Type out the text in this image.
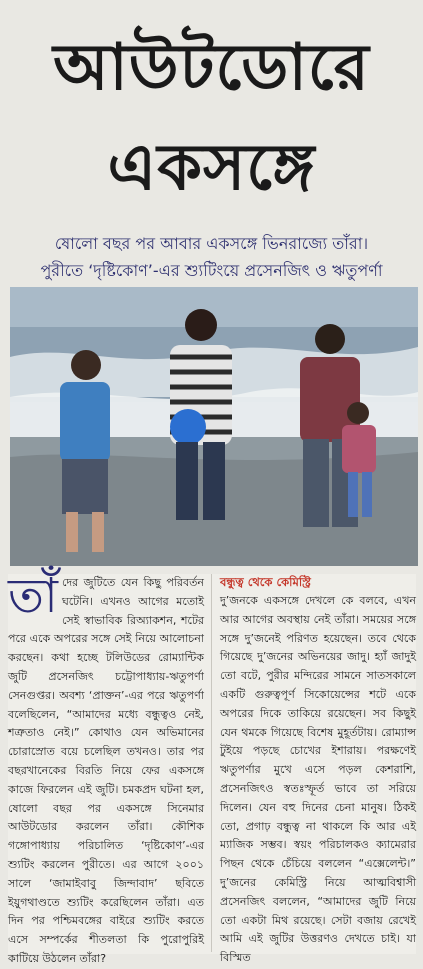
আউটডোরে
একসঙ্গে
ষোলো বছর পর আবার একসঙ্গে ভিনরাজ্যে তাঁরা।
পুরীতে ‘দৃষ্টিকোণ’-এর শ্যুটিংয়ে প্রসেনজিৎ ও ঋতুপর্ণা

তাঁ দের জুটিতে যেন কিছু পরিবর্তন ঘটেনি। এখনও আগের মতোই সেই স্বাভাবিক রিঅ্যাকশন, শটের পরে একে অপরের সঙ্গে সেই নিয়ে আলোচনা করছেন। কথা হচ্ছে টলিউডের রোম্যান্টিক জুটি প্রসেনজিৎ চট্টোপাধ্যায়-ঋতুপর্ণা সেনগুপ্তর। অবশ্য ‘প্রাক্তন’-এর পরে ঋতুপর্ণা বলেছিলেন, “আমাদের মধ্যে বন্ধুত্বও নেই, শত্রুতাও নেই।” কোথাও যেন অভিমানের চোরাস্রোত বয়ে চলেছিল তখনও। তার পর বছরখানেকের বিরতি নিয়ে ফের একসঙ্গে কাজে ফিরলেন এই জুটি। চমকপ্রদ ঘটনা হল, ষোলো বছর পর একসঙ্গে সিনেমার আউটডোর করলেন তাঁরা। কৌশিক গঙ্গোপাধ্যায় পরিচালিত ‘দৃষ্টিকোণ’-এর শ্যুটিং করলেন পুরীতে। এর আগে ২০০১ সালে ‘জামাইবাবু জিন্দাবাদ’ ছবিতে ইয়ুগথাণ্ডতে শ্যুটিং করেছিলেন তাঁরা। এত দিন পর পশ্চিমবঙ্গের বাইরে শ্যুটিং করতে এসে সম্পর্কের শীতলতা কি পুরোপুরিই কাটিয়ে উঠলেন তাঁরা?

বন্ধুত্ব থেকে কেমিস্ট্রি

দু’জনকে একসঙ্গে দেখলে কে বলবে, এখন আর আগের অবস্থায় নেই তাঁরা। সময়ের সঙ্গে সঙ্গে দু’জনেই পরিণত হয়েছেন। তবে থেকে গিয়েছে দু’জনের অভিনয়ের জাদু। হ্যাঁ জাদুই তো বটে, পুরীর মন্দিরের সামনে সাতসকালে একটি গুরুত্বপূর্ণ সিকোয়েন্সের শটে একে অপরের দিকে তাকিয়ে রয়েছেন। সব কিছুই যেন থমকে গিয়েছে বিশেষ মুহূর্তটায়। রোম্যান্স টুইয়ে পড়ছে চোখের ইশারায়। পরক্ষণেই ঋতুপর্ণার মুখে এসে পড়ল কেশরাশি, প্রসেনজিৎও স্বতঃস্ফূর্ত ভাবে তা সরিয়ে দিলেন। যেন বহু দিনের চেনা মানুষ। ঠিকই তো, প্রগাঢ় বন্ধুত্ব না থাকলে কি আর এই ম্যাজিক সম্ভব। স্বয়ং পরিচালকও ক্যামেরার পিছন থেকে চেঁচিয়ে বললেন “এক্সেলেন্ট।” দু’জনের কেমিস্ট্রি নিয়ে আত্মবিশ্বাসী প্রসেনজিৎ বললেন, “আমাদের জুটি নিয়ে তো একটা মিথ রয়েছে। সেটা বজায় রেখেই আমি এই জুটির উত্তরণও দেখতে চাই। যা বিস্মিত
